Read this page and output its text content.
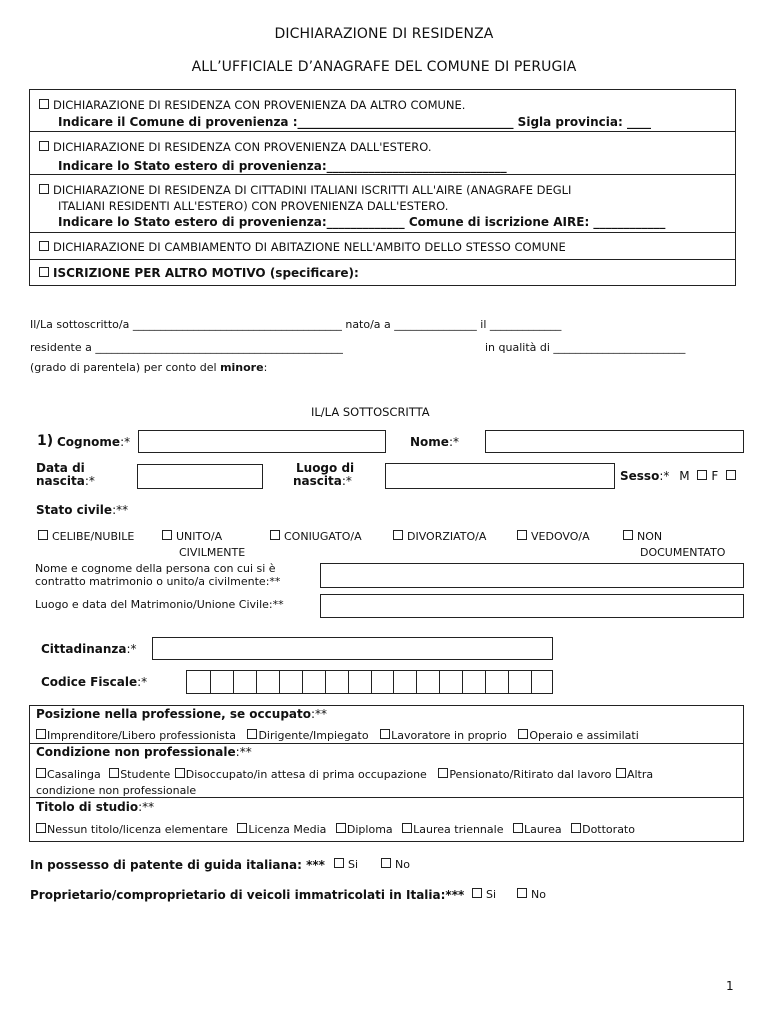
DICHIARAZIONE DI RESIDENZA
ALL’UFFICIALE D’ANAGRAFE DEL COMUNE DI PERUGIA
DICHIARAZIONE DI RESIDENZA CON PROVENIENZA DA ALTRO COMUNE.
Indicare il Comune di provenienza :____________________________________ Sigla provincia: ____
DICHIARAZIONE DI RESIDENZA CON PROVENIENZA DALL'ESTERO.
Indicare lo Stato estero di provenienza:______________________________
DICHIARAZIONE DI RESIDENZA DI CITTADINI ITALIANI ISCRITTI ALL'AIRE (ANAGRAFE DEGLI
ITALIANI RESIDENTI ALL'ESTERO) CON PROVENIENZA DALL'ESTERO.
Indicare lo Stato estero di provenienza:_____________ Comune di iscrizione AIRE: ____________
DICHIARAZIONE DI CAMBIAMENTO DI ABITAZIONE NELL'AMBITO DELLO STESSO COMUNE
ISCRIZIONE PER ALTRO MOTIVO (specificare):
Il/La sottoscritto/a ______________________________________ nato/a a _______________ il _____________
residente a _____________________________________________	in qualità di ________________________
(grado di parentela) per conto del minore:
IL/LA SOTTOSCRITTA
1) Cognome:*	Nome:*
Data di
nascita:*
Luogo di
nascita:*	Sesso:* M F
Stato civile:**
CELIBE/NUBILE	UNITO/A	CONIUGATO/A	DIVORZIATO/A	VEDOVO/A	NON
CIVILMENTE	DOCUMENTATO
Nome e cognome della persona con cui si è
contratto matrimonio o unito/a civilmente:**
Luogo e data del Matrimonio/Unione Civile:**
Cittadinanza:*
Codice Fiscale:*
Posizione nella professione, se occupato:**
Imprenditore/Libero professionista Dirigente/Impiegato Lavoratore in proprio Operaio e assimilati
Condizione non professionale:**
Casalinga Studente Disoccupato/in attesa di prima occupazione Pensionato/Ritirato dal lavoro Altra
condizione non professionale
Titolo di studio:**
Nessun titolo/licenza elementare Licenza Media Diploma Laurea triennale Laurea Dottorato
In possesso di patente di guida italiana: ***	Si	No
Proprietario/comproprietario di veicoli immatricolati in Italia:***	Si	No
1
